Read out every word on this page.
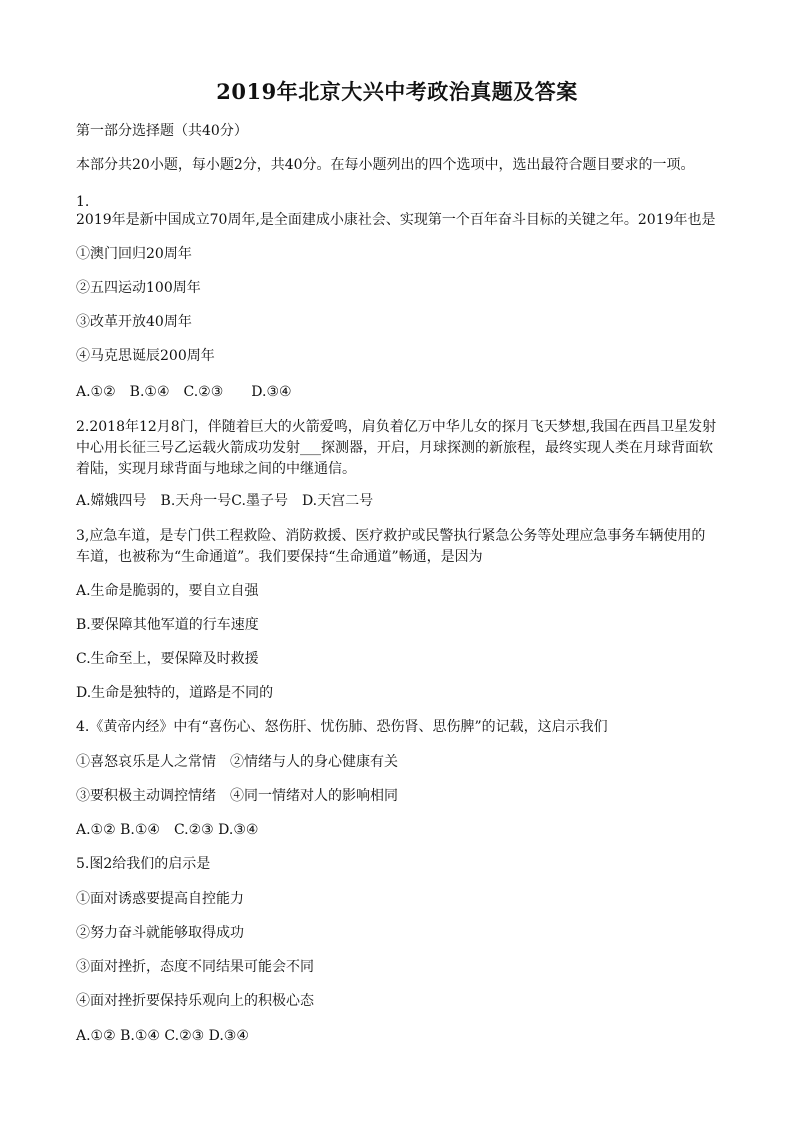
2019年北京大兴中考政治真题及答案
第一部分选择题（共40分）
本部分共20小题，每小题2分，共40分。在每小题列出的四个选项中，选出最符合题目要求的一项。
1.
2019年是新中国成立70周年,是全面建成小康社会、实现第一个百年奋斗目标的关键之年。2019年也是
①澳门回归20周年
②五四运动100周年
③改革开放40周年
④马克思诞辰200周年
A.①②　B.①④　C.②③　　D.③④
2.2018年12月8门，伴随着巨大的火箭爱鸣，肩负着亿万中华儿女的探月飞天梦想,我国在西昌卫星发射
中心用长征三号乙运载火箭成功发射___探测器，开启，月球探测的新旅程，最终实现人类在月球背面软
着陆，实现月球背面与地球之间的中继通信。
A.嫦娥四号　B.天舟一号C.墨子号　D.天宫二号
3,应急车道，是专门供工程救险、消防救援、医疗救护或民警执行紧急公务等处理应急事务车辆使用的
车道，也被称为“生命通道”。我们要保持“生命通道”畅通，是因为
A.生命是脆弱的，要自立自强
B.要保障其他军道的行车速度
C.生命至上，要保障及时救援
D.生命是独特的，道路是不同的
4.《黄帝内经》中有“喜伤心、怒伤肝、忧伤肺、恐伤肾、思伤脾”的记载，这启示我们
①喜怒哀乐是人之常情　②情绪与人的身心健康有关
③要积极主动调控情绪　④同一情绪对人的影响相同
A.①② B.①④　C.②③ D.③④
5.图2给我们的启示是
①面对诱惑要提高自控能力
②努力奋斗就能够取得成功
③面对挫折，态度不同结果可能会不同
④面对挫折要保持乐观向上的积极心态
A.①② B.①④ C.②③ D.③④
